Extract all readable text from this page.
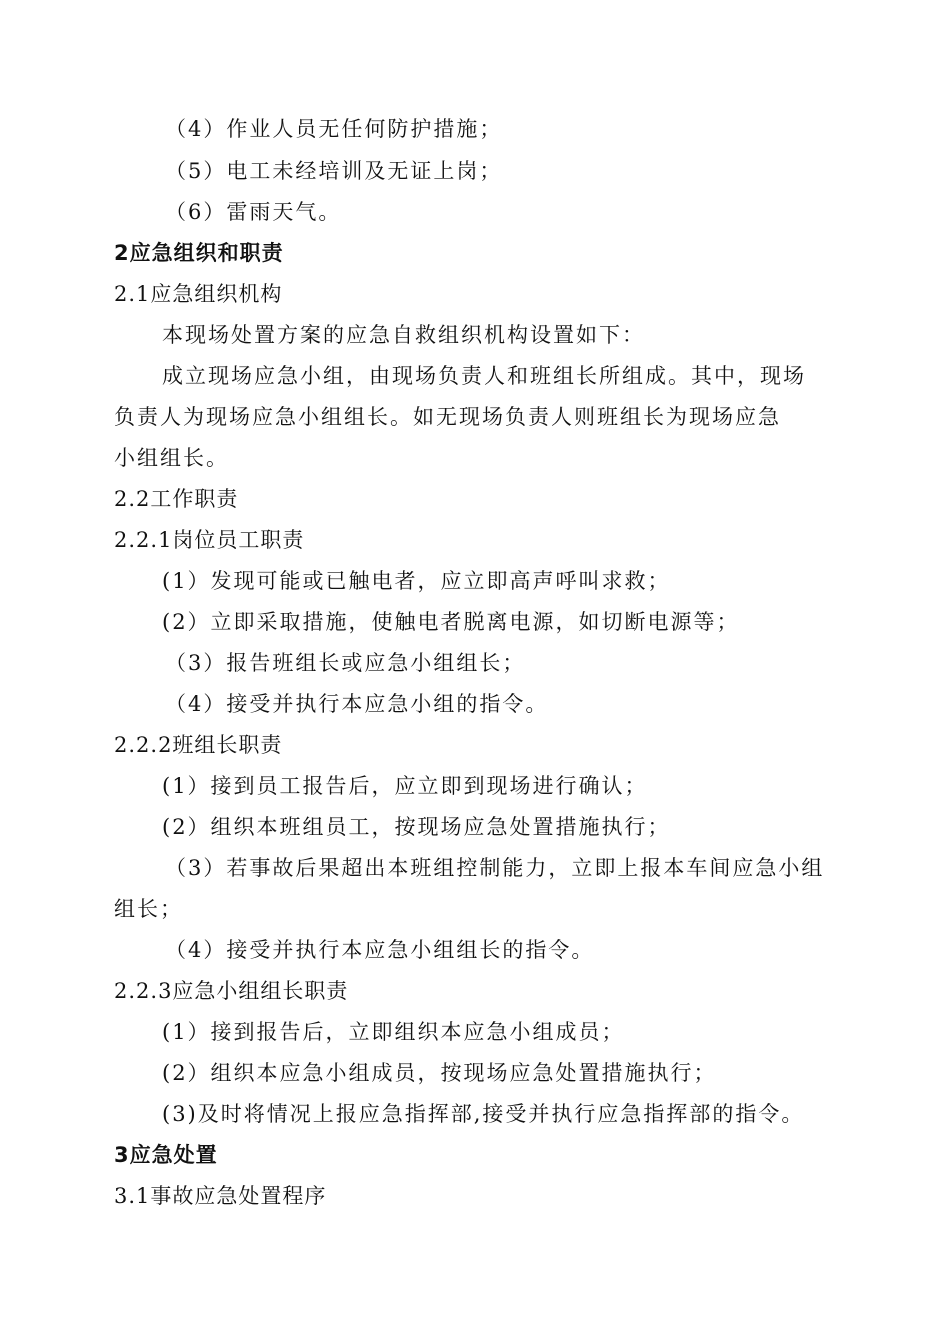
（4）作业人员无任何防护措施；
（5）电工未经培训及无证上岗；
（6）雷雨天气。
2应急组织和职责
2.1应急组织机构
本现场处置方案的应急自救组织机构设置如下：
成立现场应急小组，由现场负责人和班组长所组成。其中，现场
负责人为现场应急小组组长。如无现场负责人则班组长为现场应急
小组组长。
2.2工作职责
2.2.1岗位员工职责
(1）发现可能或已触电者，应立即高声呼叫求救；
(2）立即采取措施，使触电者脱离电源，如切断电源等；
（3）报告班组长或应急小组组长；
（4）接受并执行本应急小组的指令。
2.2.2班组长职责
(1）接到员工报告后，应立即到现场进行确认；
(2）组织本班组员工，按现场应急处置措施执行；
（3）若事故后果超出本班组控制能力，立即上报本车间应急小组
组长；
（4）接受并执行本应急小组组长的指令。
2.2.3应急小组组长职责
(1）接到报告后，立即组织本应急小组成员；
(2）组织本应急小组成员，按现场应急处置措施执行；
(3)及时将情况上报应急指挥部,接受并执行应急指挥部的指令。
3应急处置
3.1事故应急处置程序
